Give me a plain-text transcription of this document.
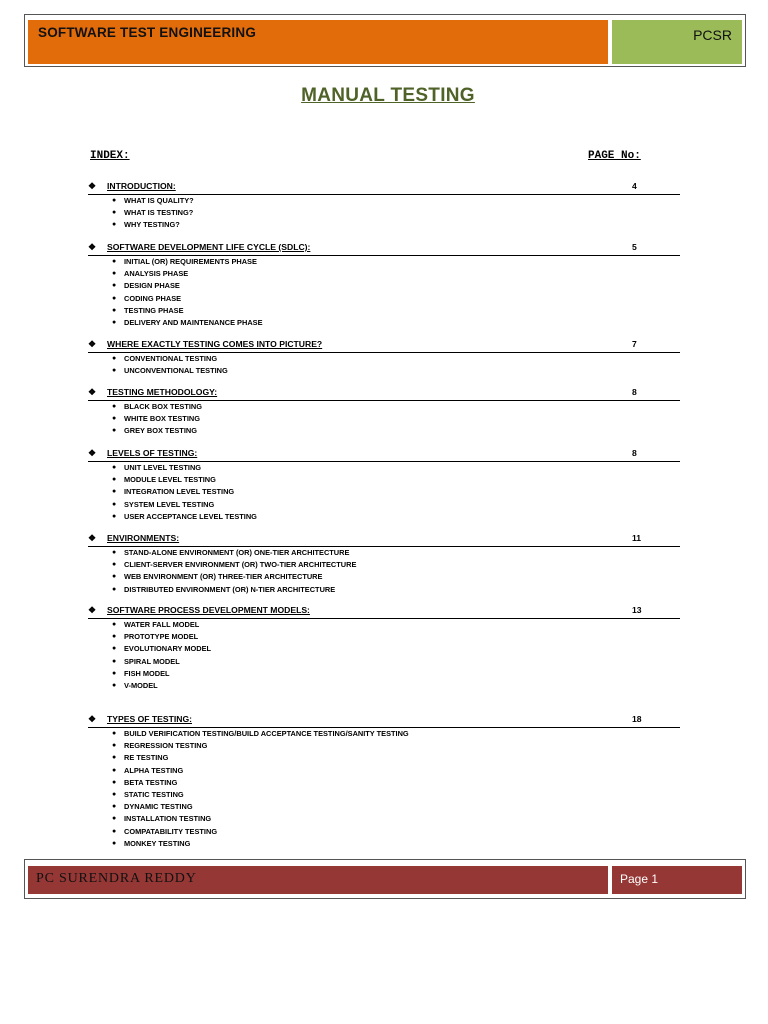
SOFTWARE TEST ENGINEERING	PCSR
MANUAL TESTING
INDEX:	PAGE No:
❖ INTRODUCTION:	4
● WHAT IS QUALITY?
● WHAT IS TESTING?
● WHY TESTING?
❖ SOFTWARE DEVELOPMENT LIFE CYCLE (SDLC):	5
● INITIAL (OR) REQUIREMENTS PHASE
● ANALYSIS PHASE
● DESIGN PHASE
● CODING PHASE
● TESTING PHASE
● DELIVERY AND MAINTENANCE PHASE
❖ WHERE EXACTLY TESTING COMES INTO PICTURE?	7
● CONVENTIONAL TESTING
● UNCONVENTIONAL TESTING
❖ TESTING METHODOLOGY:	8
● BLACK BOX TESTING
● WHITE BOX TESTING
● GREY BOX TESTING
❖ LEVELS OF TESTING:	8
● UNIT LEVEL TESTING
● MODULE LEVEL TESTING
● INTEGRATION LEVEL TESTING
● SYSTEM LEVEL TESTING
● USER ACCEPTANCE LEVEL TESTING
❖ ENVIRONMENTS:	11
● STAND-ALONE ENVIRONMENT (OR) ONE-TIER ARCHITECTURE
● CLIENT-SERVER ENVIRONMENT (OR) TWO-TIER ARCHITECTURE
● WEB ENVIRONMENT (OR) THREE-TIER ARCHITECTURE
● DISTRIBUTED ENVIRONMENT (OR) N-TIER ARCHITECTURE
❖ SOFTWARE PROCESS DEVELOPMENT MODELS:	13
● WATER FALL MODEL
● PROTOTYPE MODEL
● EVOLUTIONARY MODEL
● SPIRAL MODEL
● FISH MODEL
● V-MODEL
❖ TYPES OF TESTING:	18
● BUILD VERIFICATION TESTING/BUILD ACCEPTANCE TESTING/SANITY TESTING
● REGRESSION TESTING
● RE TESTING
● ALPHA TESTING
● BETA TESTING
● STATIC TESTING
● DYNAMIC TESTING
● INSTALLATION TESTING
● COMPATABILITY TESTING
● MONKEY TESTING
PC SURENDRA REDDY	Page 1
